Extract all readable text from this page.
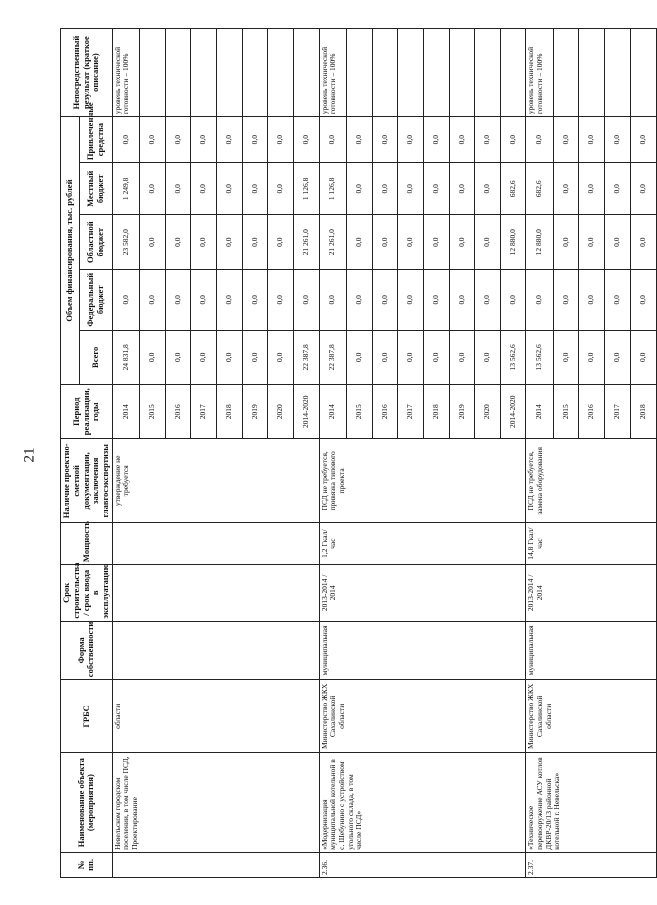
21
№ пп.	Наименование объекта (мероприятия)	ГРБС	Форма собственности	Срок строительства / срок ввода в эксплуатацию	Мощность	Наличие проектно-сметной документации, заключения главгосэкспертизы	Период реализации, годы	Объем финансирования, тыс. рублей					Непосредственный результат (краткое описание)
								Всего	Федеральный бюджет	Областной бюджет	Местный бюджет	Привлеченные средства	
	Невельском городском поселении, в том числе ПСД, Проектирование	области				утверждение не требуется	2014	24 831,8	0,0	23 582,0	1 249,8	0,0	уровень технической готовности – 100%
							2015	0,0	0,0	0,0	0,0	0,0	
							2016	0,0	0,0	0,0	0,0	0,0	
							2017	0,0	0,0	0,0	0,0	0,0	
							2018	0,0	0,0	0,0	0,0	0,0	
							2019	0,0	0,0	0,0	0,0	0,0	
							2020	0,0	0,0	0,0	0,0	0,0	
							2014-2020	22 387,8	0,0	21 261,0	1 126,8	0,0	
2.36.	«Модернизация муниципальной котельной в с. Шебунино с устройством угольного склада, в том числе ПСД»	Министерство ЖКХ Сахалинской области	муниципальная	2013-2014 / 2014	1,2 Гкал/час	ПСД не требуется, привязка типового проекта	2014	22 387,8	0,0	21 261,0	1 126,8	0,0	уровень технической готовности – 100%
							2015	0,0	0,0	0,0	0,0	0,0	
							2016	0,0	0,0	0,0	0,0	0,0	
							2017	0,0	0,0	0,0	0,0	0,0	
							2018	0,0	0,0	0,0	0,0	0,0	
							2019	0,0	0,0	0,0	0,0	0,0	
							2020	0,0	0,0	0,0	0,0	0,0	
							2014-2020	13 562,6	0,0	12 880,0	682,6	0,0	
2.37.	«Техническое перевооружение АСУ котлов ДКВР-20/13 районной котельной г. Невельска»	Министерство ЖКХ Сахалинской области	муниципальная	2013-2014 / 2014	14,8 Гкал/час	ПСД не требуется, замена оборудования	2014	13 562,6	0,0	12 880,0	682,6	0,0	уровень технической готовности – 100%
							2015	0,0	0,0	0,0	0,0	0,0	
							2016	0,0	0,0	0,0	0,0	0,0	
							2017	0,0	0,0	0,0	0,0	0,0	
							2018	0,0	0,0	0,0	0,0	0,0	
